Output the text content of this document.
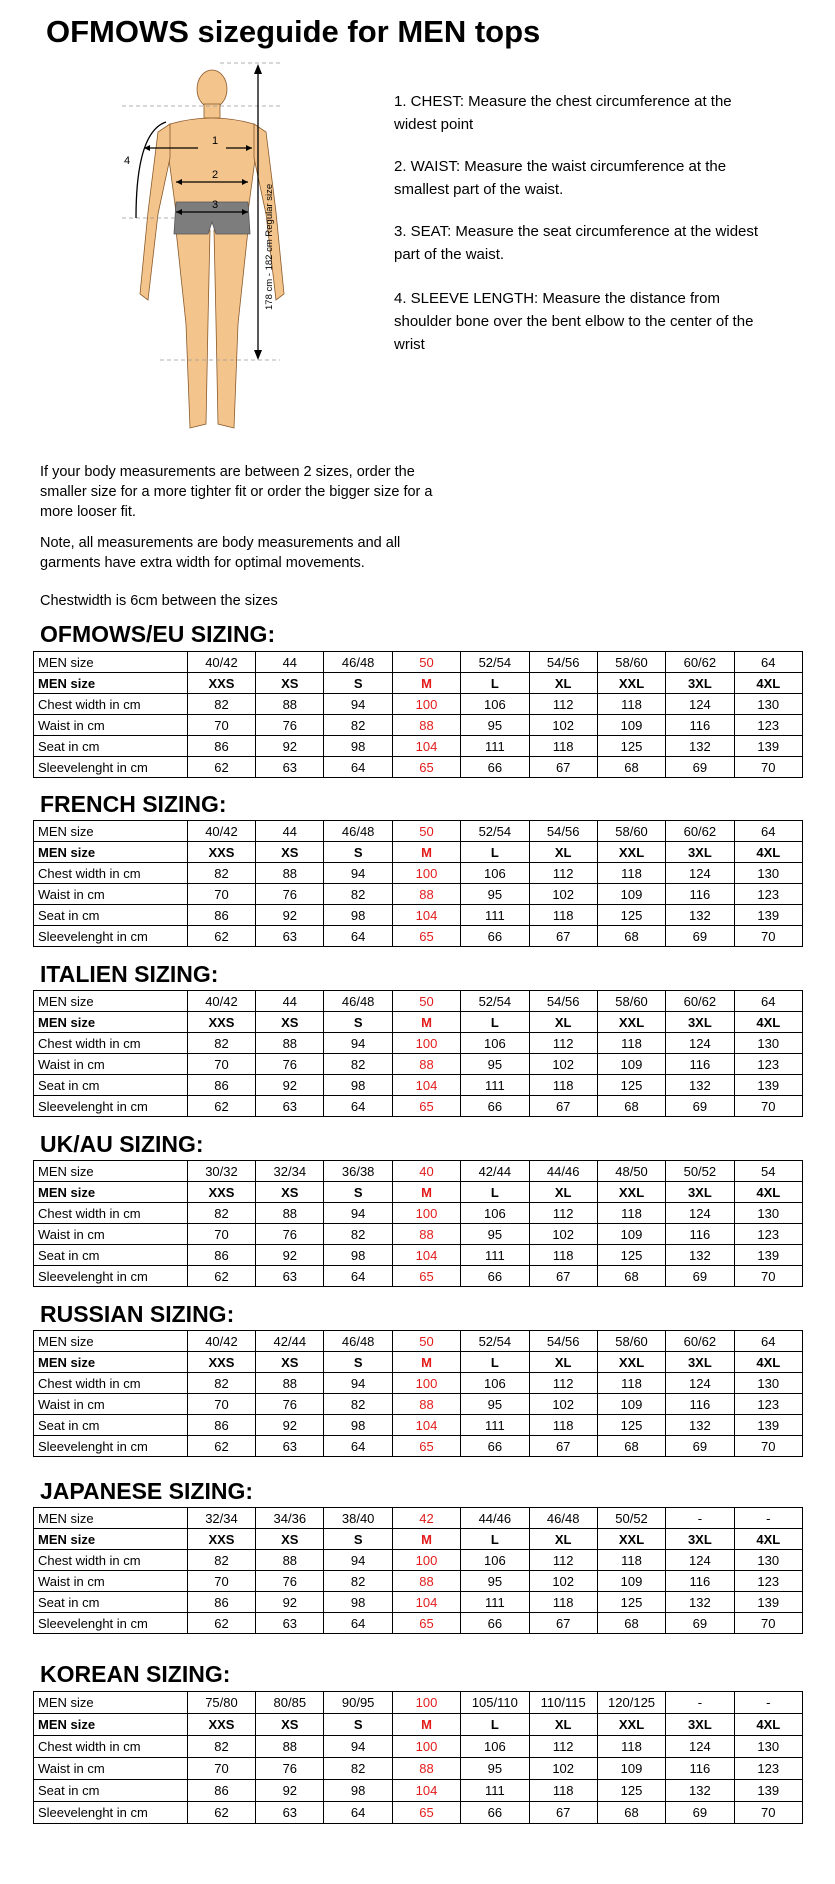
OFMOWS sizeguide for MEN tops
1
2
3
4
178 cm - 182 cm Regular size
1. CHEST: Measure the chest circumference at the widest point
2. WAIST: Measure the waist circumference at the smallest part of the waist.
3. SEAT: Measure the seat circumference at the widest part of the waist.
4. SLEEVE LENGTH: Measure the distance from shoulder bone over the bent elbow to the center of the wrist
If your body measurements are between 2 sizes, order the smaller size for a more tighter fit or order the bigger size for a more looser fit.
Note, all measurements are body measurements and all garments have extra width for optimal movements.
Chestwidth is 6cm between the sizes
OFMOWS/EU SIZING:
MEN size	40/42	44	46/48	50	52/54	54/56	58/60	60/62	64
MEN size	XXS	XS	S	M	L	XL	XXL	3XL	4XL
Chest width in cm	82	88	94	100	106	112	118	124	130
Waist in cm	70	76	82	88	95	102	109	116	123
Seat in cm	86	92	98	104	111	118	125	132	139
Sleevelenght in cm	62	63	64	65	66	67	68	69	70
FRENCH SIZING:
MEN size	40/42	44	46/48	50	52/54	54/56	58/60	60/62	64
MEN size	XXS	XS	S	M	L	XL	XXL	3XL	4XL
Chest width in cm	82	88	94	100	106	112	118	124	130
Waist in cm	70	76	82	88	95	102	109	116	123
Seat in cm	86	92	98	104	111	118	125	132	139
Sleevelenght in cm	62	63	64	65	66	67	68	69	70
ITALIEN SIZING:
MEN size	40/42	44	46/48	50	52/54	54/56	58/60	60/62	64
MEN size	XXS	XS	S	M	L	XL	XXL	3XL	4XL
Chest width in cm	82	88	94	100	106	112	118	124	130
Waist in cm	70	76	82	88	95	102	109	116	123
Seat in cm	86	92	98	104	111	118	125	132	139
Sleevelenght in cm	62	63	64	65	66	67	68	69	70
UK/AU SIZING:
MEN size	30/32	32/34	36/38	40	42/44	44/46	48/50	50/52	54
MEN size	XXS	XS	S	M	L	XL	XXL	3XL	4XL
Chest width in cm	82	88	94	100	106	112	118	124	130
Waist in cm	70	76	82	88	95	102	109	116	123
Seat in cm	86	92	98	104	111	118	125	132	139
Sleevelenght in cm	62	63	64	65	66	67	68	69	70
RUSSIAN SIZING:
MEN size	40/42	42/44	46/48	50	52/54	54/56	58/60	60/62	64
MEN size	XXS	XS	S	M	L	XL	XXL	3XL	4XL
Chest width in cm	82	88	94	100	106	112	118	124	130
Waist in cm	70	76	82	88	95	102	109	116	123
Seat in cm	86	92	98	104	111	118	125	132	139
Sleevelenght in cm	62	63	64	65	66	67	68	69	70
JAPANESE SIZING:
MEN size	32/34	34/36	38/40	42	44/46	46/48	50/52	-	-
MEN size	XXS	XS	S	M	L	XL	XXL	3XL	4XL
Chest width in cm	82	88	94	100	106	112	118	124	130
Waist in cm	70	76	82	88	95	102	109	116	123
Seat in cm	86	92	98	104	111	118	125	132	139
Sleevelenght in cm	62	63	64	65	66	67	68	69	70
KOREAN SIZING:
MEN size	75/80	80/85	90/95	100	105/110	110/115	120/125	-	-
MEN size	XXS	XS	S	M	L	XL	XXL	3XL	4XL
Chest width in cm	82	88	94	100	106	112	118	124	130
Waist in cm	70	76	82	88	95	102	109	116	123
Seat in cm	86	92	98	104	111	118	125	132	139
Sleevelenght in cm	62	63	64	65	66	67	68	69	70
